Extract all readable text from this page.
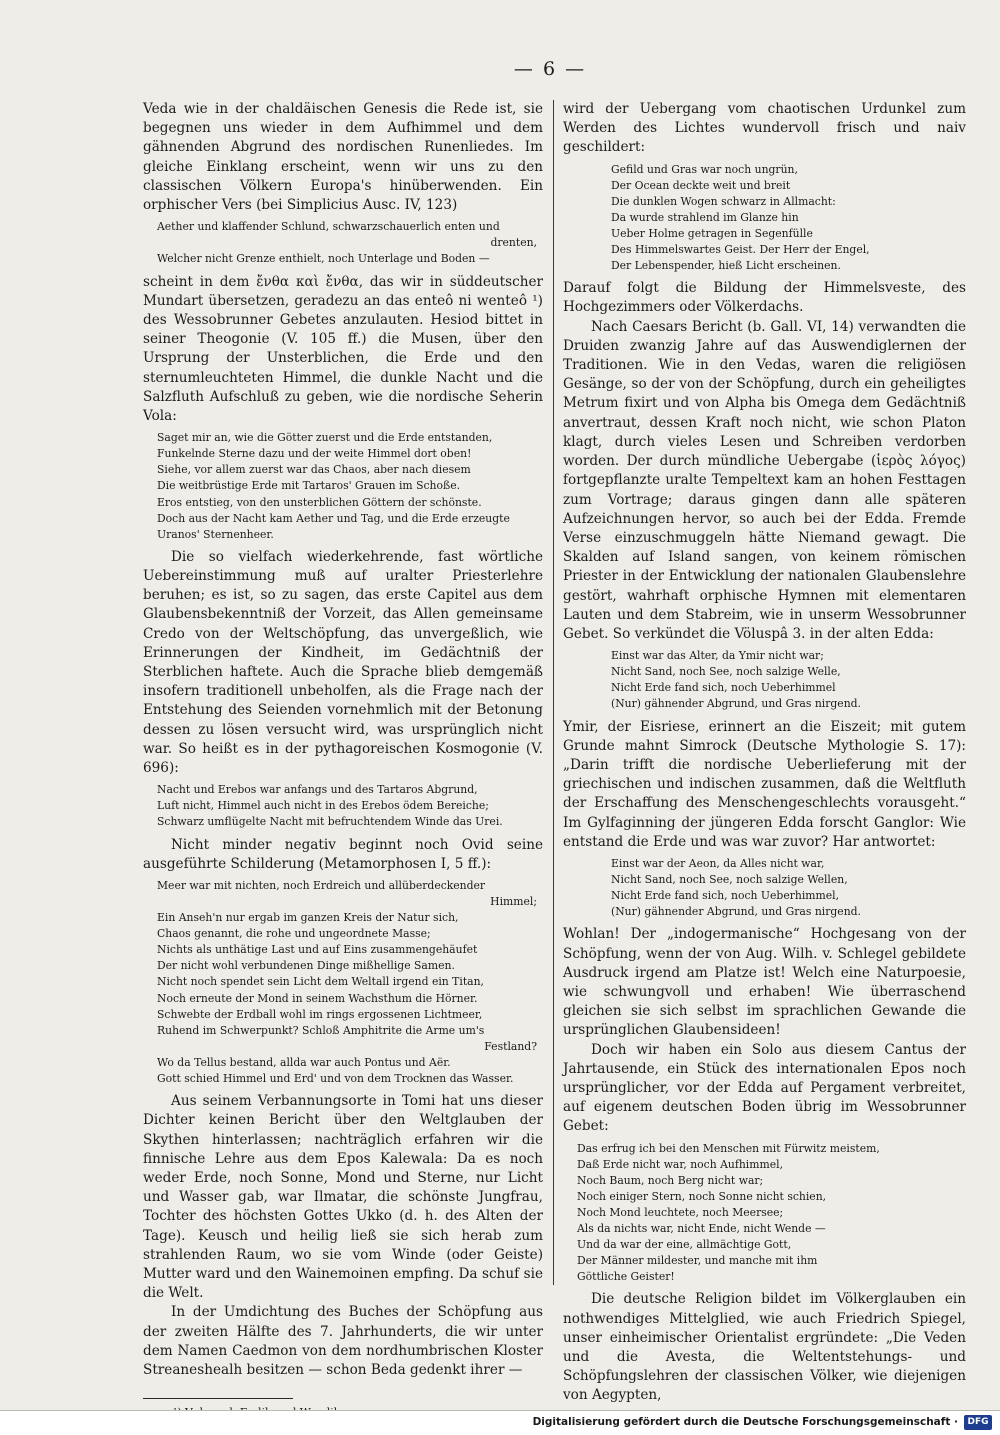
— 6 —

Veda wie in der chaldäischen Genesis die Rede ist, sie begegnen uns wieder in dem Aufhimmel und dem gähnenden Abgrund des nordischen Runenliedes. Im gleiche Einklang erscheint, wenn wir uns zu den classischen Völkern Europa's hinüberwenden. Ein orphischer Vers (bei Simplicius Ausc. IV, 123)

Aether und klaffender Schlund, schwarzschauerlich enten und
drenten,
Welcher nicht Grenze enthielt, noch Unterlage und Boden —

scheint in dem ἔνθα καὶ ἔνθα, das wir in süddeutscher Mundart übersetzen, geradezu an das enteô ni wenteô ¹) des Wessobrunner Gebetes anzulauten. Hesiod bittet in seiner Theogonie (V. 105 ff.) die Musen, über den Ursprung der Unsterblichen, die Erde und den sternumleuchteten Himmel, die dunkle Nacht und die Salzfluth Aufschluß zu geben, wie die nordische Seherin Vola:

Saget mir an, wie die Götter zuerst und die Erde entstanden,
Funkelnde Sterne dazu und der weite Himmel dort oben!
Siehe, vor allem zuerst war das Chaos, aber nach diesem
Die weitbrüstige Erde mit Tartaros' Grauen im Schoße.
Eros entstieg, von den unsterblichen Göttern der schönste.
Doch aus der Nacht kam Aether und Tag, und die Erde erzeugte
Uranos' Sternenheer.

Die so vielfach wiederkehrende, fast wörtliche Uebereinstimmung muß auf uralter Priesterlehre beruhen; es ist, so zu sagen, das erste Capitel aus dem Glaubensbekenntniß der Vorzeit, das Allen gemeinsame Credo von der Weltschöpfung, das unvergeßlich, wie Erinnerungen der Kindheit, im Gedächtniß der Sterblichen haftete. Auch die Sprache blieb demgemäß insofern traditionell unbeholfen, als die Frage nach der Entstehung des Seienden vornehmlich mit der Betonung dessen zu lösen versucht wird, was ursprünglich nicht war. So heißt es in der pythagoreischen Kosmogonie (V. 696):

Nacht und Erebos war anfangs und des Tartaros Abgrund,
Luft nicht, Himmel auch nicht in des Erebos ödem Bereiche;
Schwarz umflügelte Nacht mit befruchtendem Winde das Urei.

Nicht minder negativ beginnt noch Ovid seine ausgeführte Schilderung (Metamorphosen I, 5 ff.):

Meer war mit nichten, noch Erdreich und allüberdeckender
Himmel;
Ein Anseh'n nur ergab im ganzen Kreis der Natur sich,
Chaos genannt, die rohe und ungeordnete Masse;
Nichts als unthätige Last und auf Eins zusammengehäufet
Der nicht wohl verbundenen Dinge mißhellige Samen.
Nicht noch spendet sein Licht dem Weltall irgend ein Titan,
Noch erneute der Mond in seinem Wachsthum die Hörner.
Schwebte der Erdball wohl im rings ergossenen Lichtmeer,
Ruhend im Schwerpunkt? Schloß Amphitrite die Arme um's
Festland?
Wo da Tellus bestand, allda war auch Pontus und Aër.
Gott schied Himmel und Erd' und von dem Trocknen das Wasser.

Aus seinem Verbannungsorte in Tomi hat uns dieser Dichter keinen Bericht über den Weltglauben der Skythen hinterlassen; nachträglich erfahren wir die finnische Lehre aus dem Epos Kalewala: Da es noch weder Erde, noch Sonne, Mond und Sterne, nur Licht und Wasser gab, war Ilmatar, die schönste Jungfrau, Tochter des höchsten Gottes Ukko (d. h. des Alten der Tage). Keusch und heilig ließ sie sich herab zum strahlenden Raum, wo sie vom Winde (oder Geiste) Mutter ward und den Wainemoinen empfing. Da schuf sie die Welt.

In der Umdichtung des Buches der Schöpfung aus der zweiten Hälfte des 7. Jahrhunderts, die wir unter dem Namen Caedmon von dem nordhumbrischen Kloster Streaneshealh besitzen — schon Beda gedenkt ihrer —

wird der Uebergang vom chaotischen Urdunkel zum Werden des Lichtes wundervoll frisch und naiv geschildert:

Gefild und Gras war noch ungrün,
Der Ocean deckte weit und breit
Die dunklen Wogen schwarz in Allmacht:
Da wurde strahlend im Glanze hin
Ueber Holme getragen in Segenfülle
Des Himmelswartes Geist. Der Herr der Engel,
Der Lebenspender, hieß Licht erscheinen.

Darauf folgt die Bildung der Himmelsveste, des Hochgezimmers oder Völkerdachs.

Nach Caesars Bericht (b. Gall. VI, 14) verwandten die Druiden zwanzig Jahre auf das Auswendiglernen der Traditionen. Wie in den Vedas, waren die religiösen Gesänge, so der von der Schöpfung, durch ein geheiligtes Metrum fixirt und von Alpha bis Omega dem Gedächtniß anvertraut, dessen Kraft noch nicht, wie schon Platon klagt, durch vieles Lesen und Schreiben verdorben worden. Der durch mündliche Uebergabe (ἱερὸς λόγος) fortgepflanzte uralte Tempeltext kam an hohen Festtagen zum Vortrage; daraus gingen dann alle späteren Aufzeichnungen hervor, so auch bei der Edda. Fremde Verse einzuschmuggeln hätte Niemand gewagt. Die Skalden auf Island sangen, von keinem römischen Priester in der Entwicklung der nationalen Glaubenslehre gestört, wahrhaft orphische Hymnen mit elementaren Lauten und dem Stabreim, wie in unserm Wessobrunner Gebet. So verkündet die Völuspâ 3. in der alten Edda:

Einst war das Alter, da Ymir nicht war;
Nicht Sand, noch See, noch salzige Welle,
Nicht Erde fand sich, noch Ueberhimmel
(Nur) gähnender Abgrund, und Gras nirgend.

Ymir, der Eisriese, erinnert an die Eiszeit; mit gutem Grunde mahnt Simrock (Deutsche Mythologie S. 17): „Darin trifft die nordische Ueberlieferung mit der griechischen und indischen zusammen, daß die Weltfluth der Erschaffung des Menschengeschlechts vorausgeht.“ Im Gylfaginning der jüngeren Edda forscht Ganglor: Wie entstand die Erde und was war zuvor? Har antwortet:

Einst war der Aeon, da Alles nicht war,
Nicht Sand, noch See, noch salzige Wellen,
Nicht Erde fand sich, noch Ueberhimmel,
(Nur) gähnender Abgrund, und Gras nirgend.

Wohlan! Der „indogermanische“ Hochgesang von der Schöpfung, wenn der von Aug. Wilh. v. Schlegel gebildete Ausdruck irgend am Platze ist! Welch eine Naturpoesie, wie schwungvoll und erhaben! Wie überraschend gleichen sie sich selbst im sprachlichen Gewande die ursprünglichen Glaubensideen!

Doch wir haben ein Solo aus diesem Cantus der Jahrtausende, ein Stück des internationalen Epos noch ursprünglicher, vor der Edda auf Pergament verbreitet, auf eigenem deutschen Boden übrig im Wessobrunner Gebet:

Das erfrug ich bei den Menschen mit Fürwitz meistem,
Daß Erde nicht war, noch Aufhimmel,
Noch Baum, noch Berg nicht war;
Noch einiger Stern, noch Sonne nicht schien,
Noch Mond leuchtete, noch Meersee;
Als da nichts war, nicht Ende, nicht Wende —
Und da war der eine, allmächtige Gott,
Der Männer mildester, und manche mit ihm
Göttliche Geister!

Die deutsche Religion bildet im Völkerglauben ein nothwendiges Mittelglied, wie auch Friedrich Spiegel, unser einheimischer Orientalist ergründete: „Die Veden und die Avesta, die Weltentstehungs- und Schöpfungslehren der classischen Völker, wie diejenigen von Aegypten,

Digitalisierung gefördert durch die Deutsche Forschungsgemeinschaft ·	DFG
